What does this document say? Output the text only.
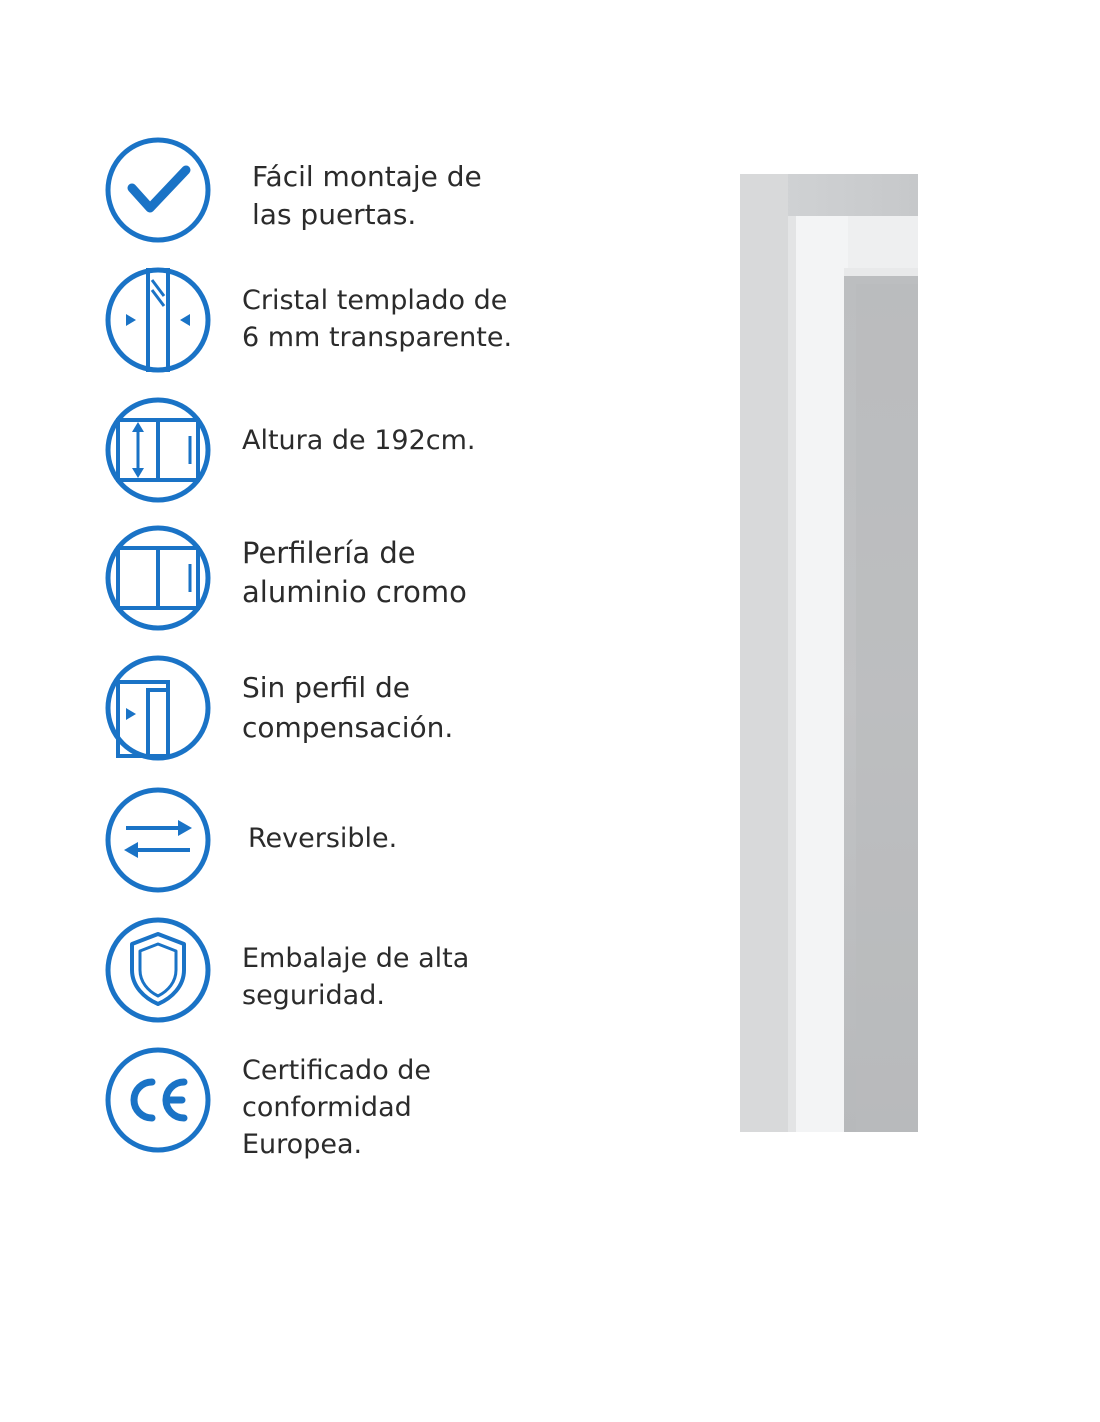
Fácil montaje de
las puertas.
Cristal templado de
6 mm transparente.
Altura de 192cm.
Perfilería de
aluminio cromo
Sin perfil de
compensación.
Reversible.
Embalaje de alta
seguridad.
Certificado de
conformidad
Europea.
